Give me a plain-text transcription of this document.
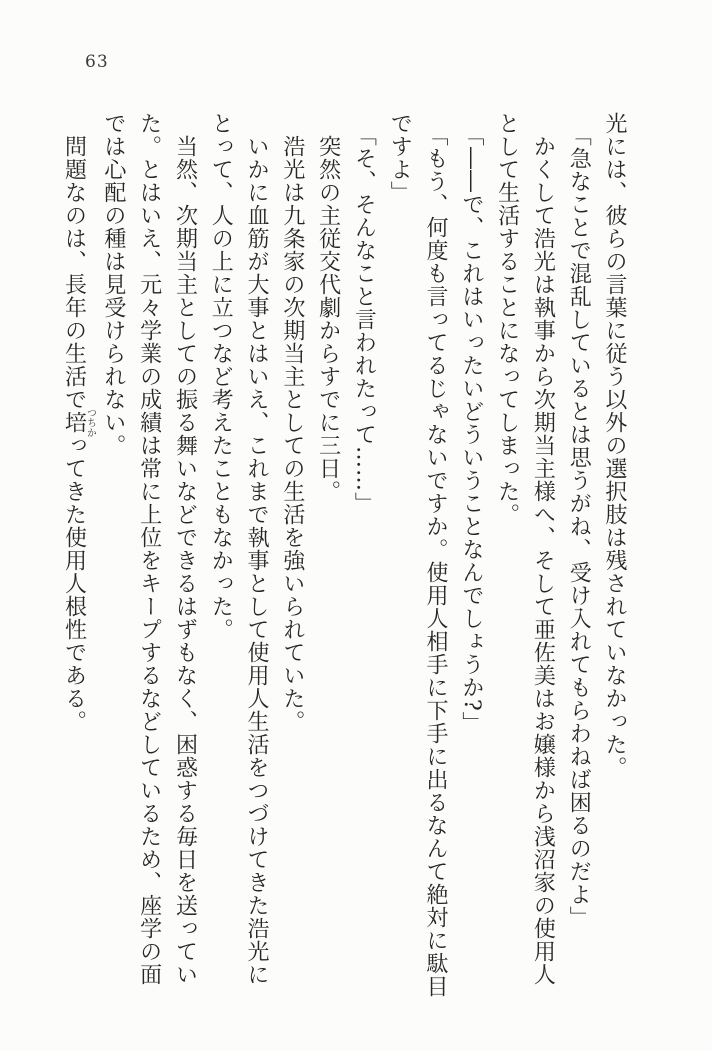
63
光には、彼らの言葉に従う以外の選択肢は残されていなかった。
「急なことで混乱しているとは思うがね、受け入れてもらわねば困るのだよ」
かくして浩光は執事から次期当主様へ、そして亜佐美はお嬢様から浅沼家の使用人
として生活することになってしまった。
「――で、これはいったいどういうことなんでしょうか?」
「もう、何度も言ってるじゃないですか。使用人相手に下手に出るなんて絶対に駄目
ですよ」
「そ、そんなこと言われたって……」
突然の主従交代劇からすでに三日。
浩光は九条家の次期当主としての生活を強いられていた。
いかに血筋が大事とはいえ、これまで執事として使用人生活をつづけてきた浩光に
とって、人の上に立つなど考えたこともなかった。
当然、次期当主としての振る舞いなどできるはずもなく、困惑する毎日を送ってい
た。とはいえ、元々学業の成績は常に上位をキープするなどしているため、座学の面
では心配の種は見受けられない。
問題なのは、長年の生活で培つちかってきた使用人根性である。
